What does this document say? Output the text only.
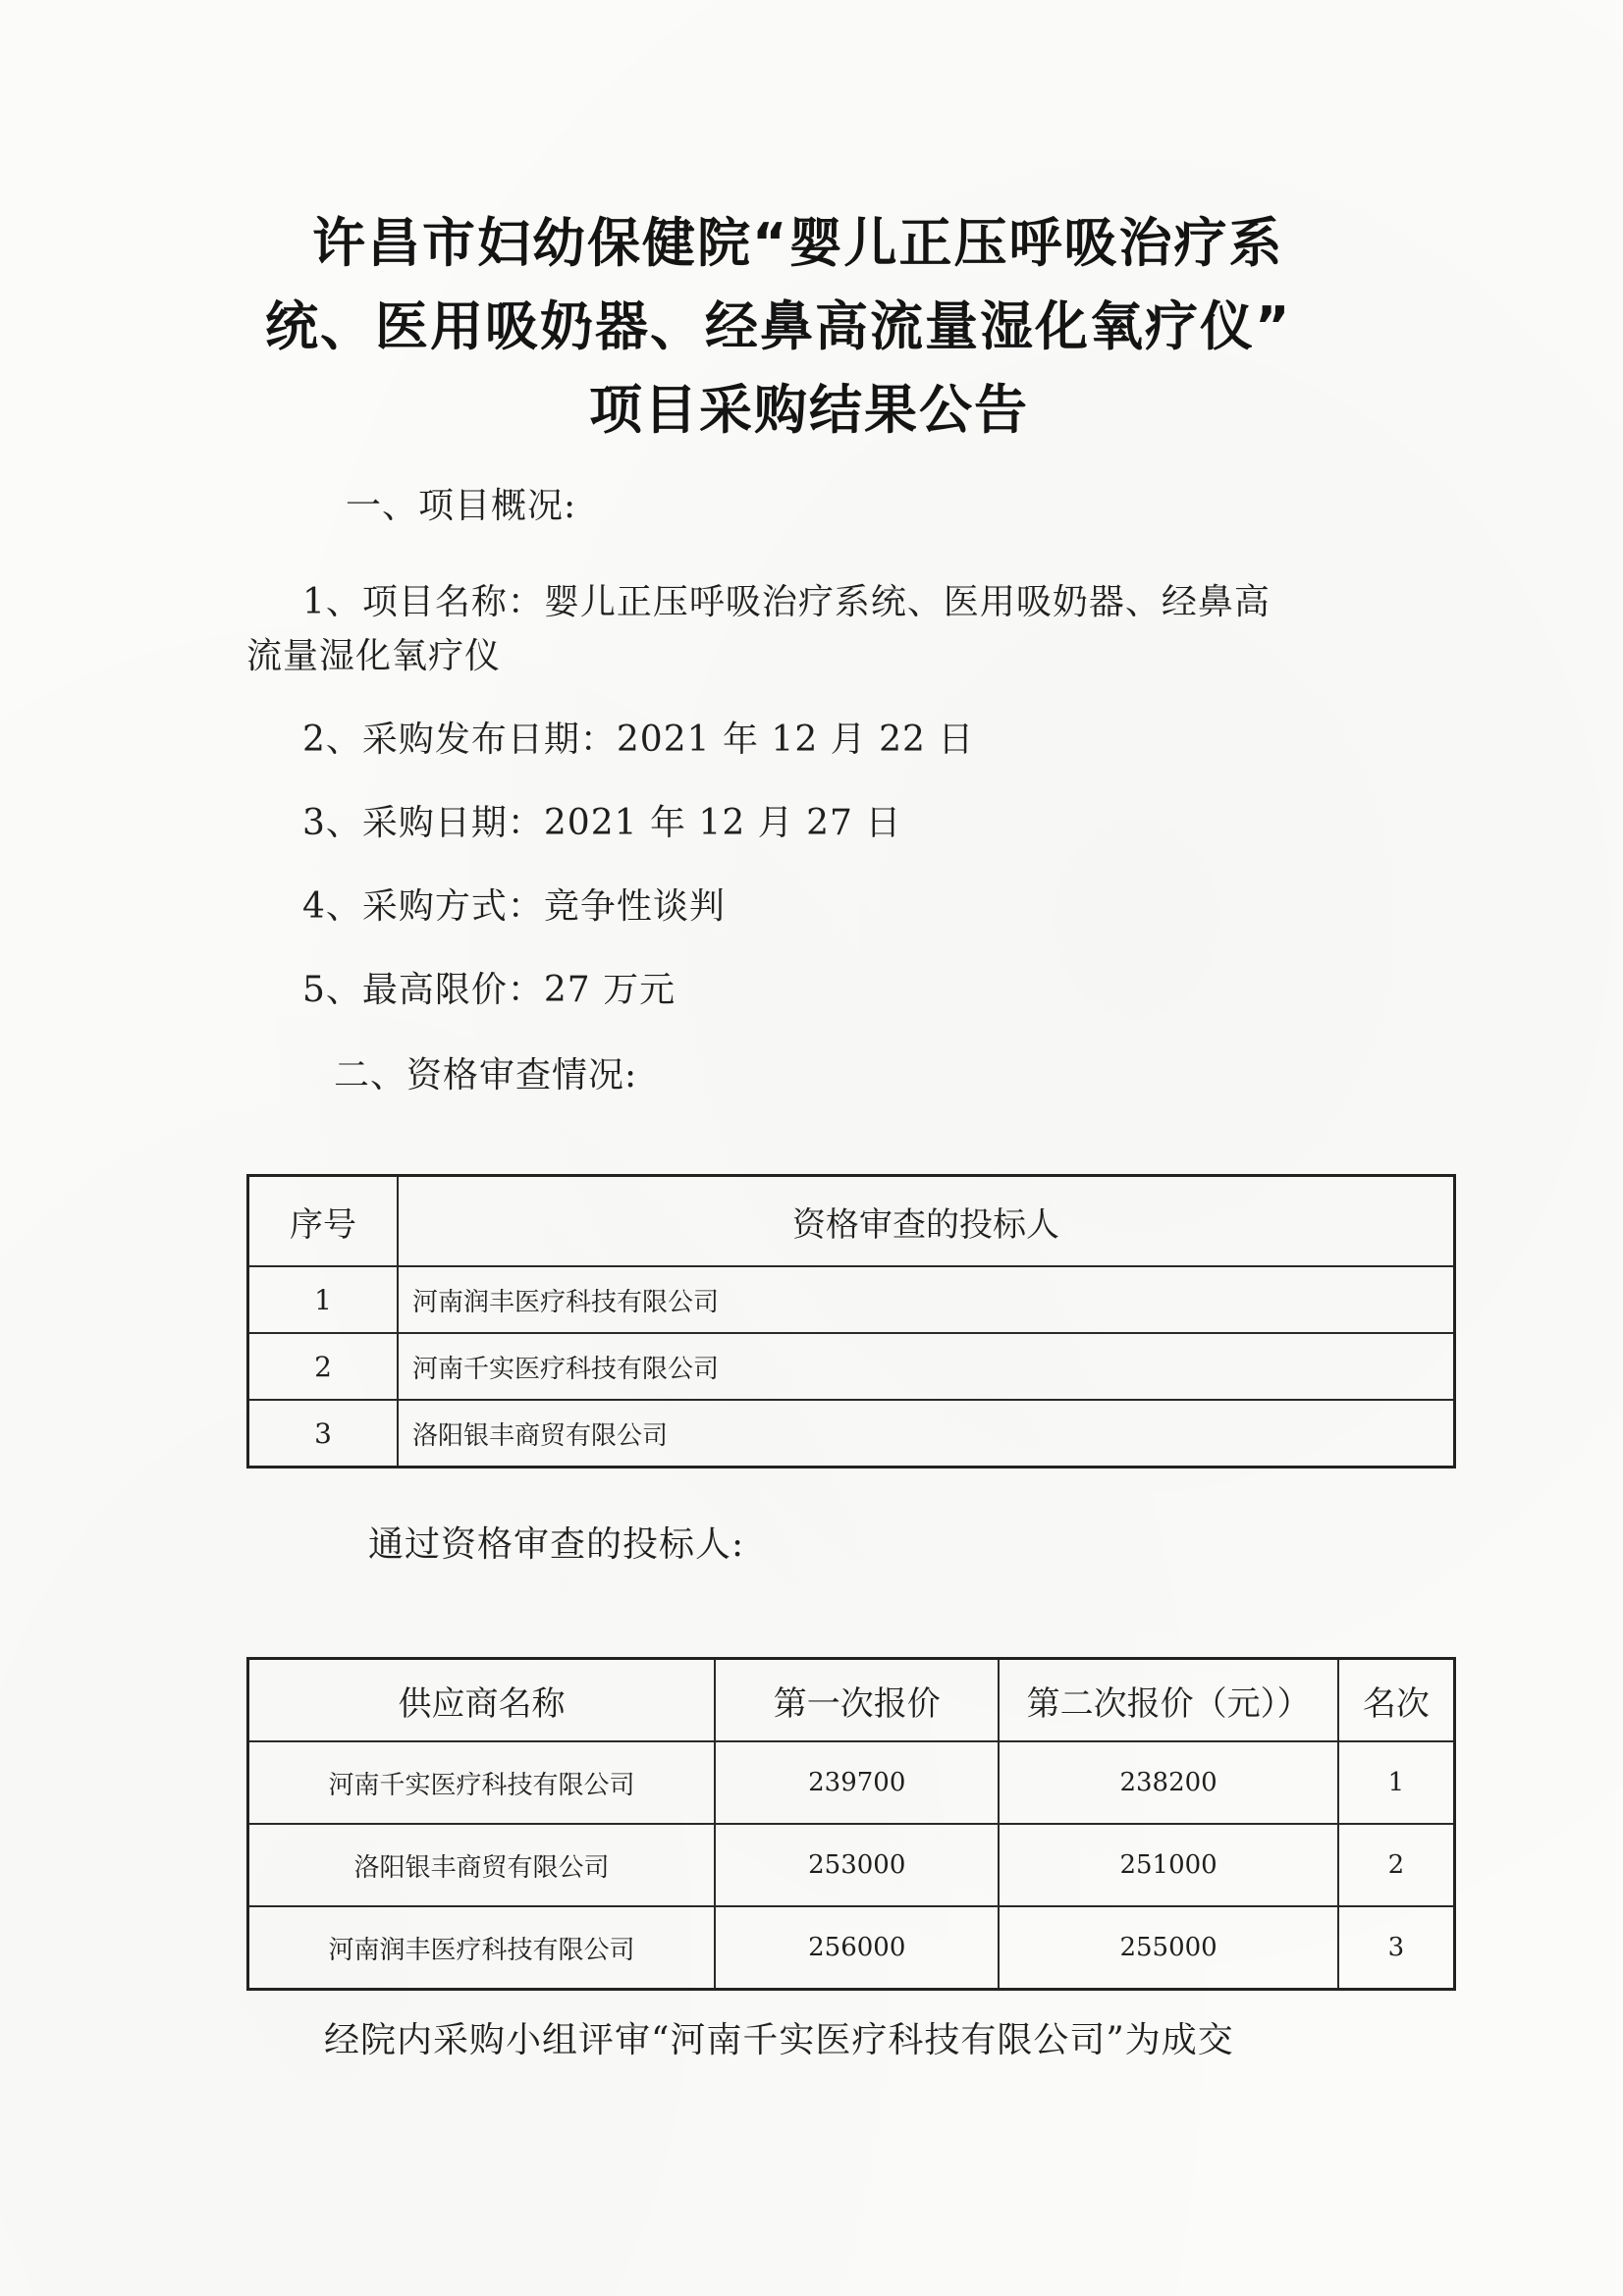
许昌市妇幼保健院“婴儿正压呼吸治疗系
统、医用吸奶器、经鼻高流量湿化氧疗仪”
项目采购结果公告
一、项目概况:
1、项目名称：婴儿正压呼吸治疗系统、医用吸奶器、经鼻高
流量湿化氧疗仪
2、采购发布日期：2021 年 12 月 22 日
3、采购日期：2021 年 12 月 27 日
4、采购方式：竞争性谈判
5、最高限价：27 万元
二、资格审查情况:
序号	资格审查的投标人
1	河南润丰医疗科技有限公司
2	河南千实医疗科技有限公司
3	洛阳银丰商贸有限公司
通过资格审查的投标人:
供应商名称	第一次报价	第二次报价（元））	名次
河南千实医疗科技有限公司	239700	238200	1
洛阳银丰商贸有限公司	253000	251000	2
河南润丰医疗科技有限公司	256000	255000	3
经院内采购小组评审“河南千实医疗科技有限公司”为成交
